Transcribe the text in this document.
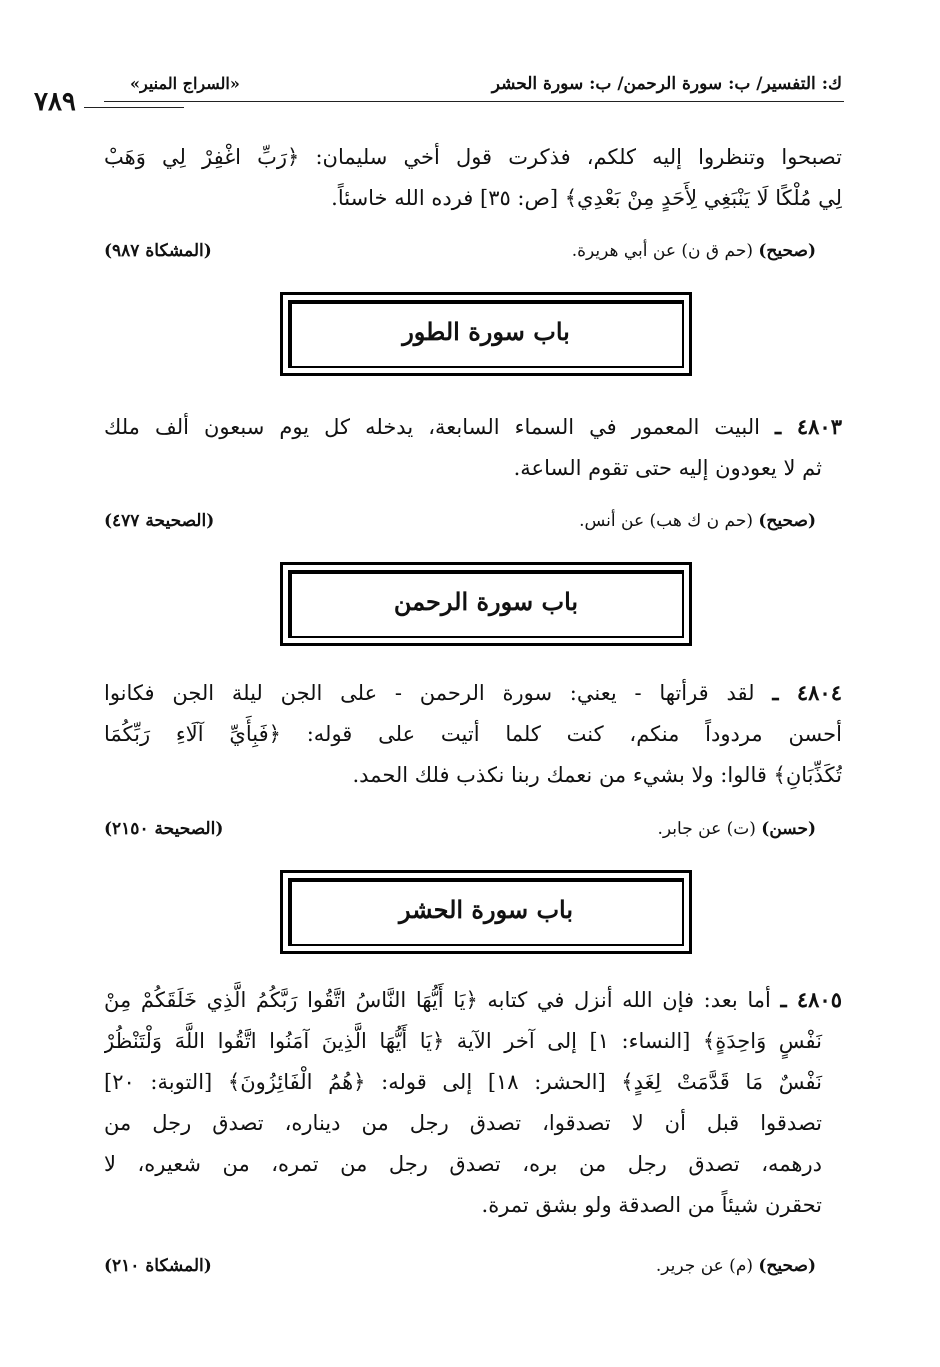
ك: التفسير/ ب: سورة الرحمن/ ب: سورة الحشر
«السراج المنير»
٧٨٩
تصبحوا وتنظروا إليه كلكم، فذكرت قول أخي سليمان: ﴿رَبِّ اغْفِرْ لِي وَهَبْ
لِي مُلْكًا لَا يَنْبَغِي لِأَحَدٍ مِنْ بَعْدِي﴾ [ص: ٣٥] فرده الله خاسئاً.
(صحيح) (حم ق ن) عن أبي هريرة.
(المشكاة ٩٨٧)
باب سورة الطور
٤٨٠٣ ـ البيت المعمور في السماء السابعة، يدخله كل يوم سبعون ألف ملك
ثم لا يعودون إليه حتى تقوم الساعة.
(صحيح) (حم ن ك هب) عن أنس.
(الصحيحة ٤٧٧)
باب سورة الرحمن
٤٨٠٤ ـ لقد قرأتها - يعني: سورة الرحمن - على الجن ليلة الجن فكانوا
أحسن مردوداً منكم، كنت كلما أتيت على قوله: ﴿فَبِأَيِّ آلَاءِ رَبِّكُمَا
تُكَذِّبَانِ﴾ قالوا: ولا بشيء من نعمك ربنا نكذب فلك الحمد.
(حسن) (ت) عن جابر.
(الصحيحة ٢١٥٠)
باب سورة الحشر
٤٨٠٥ ـ أما بعد: فإن الله أنزل في كتابه ﴿يَا أَيُّهَا النَّاسُ اتَّقُوا رَبَّكُمُ الَّذِي خَلَقَكُمْ مِنْ
نَفْسٍ وَاحِدَةٍ﴾ [النساء: ١] إلى آخر الآية ﴿يَا أَيُّهَا الَّذِينَ آمَنُوا اتَّقُوا اللَّهَ وَلْتَنْظُرْ
نَفْسٌ مَا قَدَّمَتْ لِغَدٍ﴾ [الحشر: ١٨] إلى قوله: ﴿هُمُ الْفَائِزُونَ﴾ [التوبة: ٢٠]
تصدقوا قبل أن لا تصدقوا، تصدق رجل من ديناره، تصدق رجل من
درهمه، تصدق رجل من بره، تصدق رجل من تمره، من شعيره، لا
تحقرن شيئاً من الصدقة ولو بشق تمرة.
(صحيح) (م) عن جرير.
(المشكاة ٢١٠)
